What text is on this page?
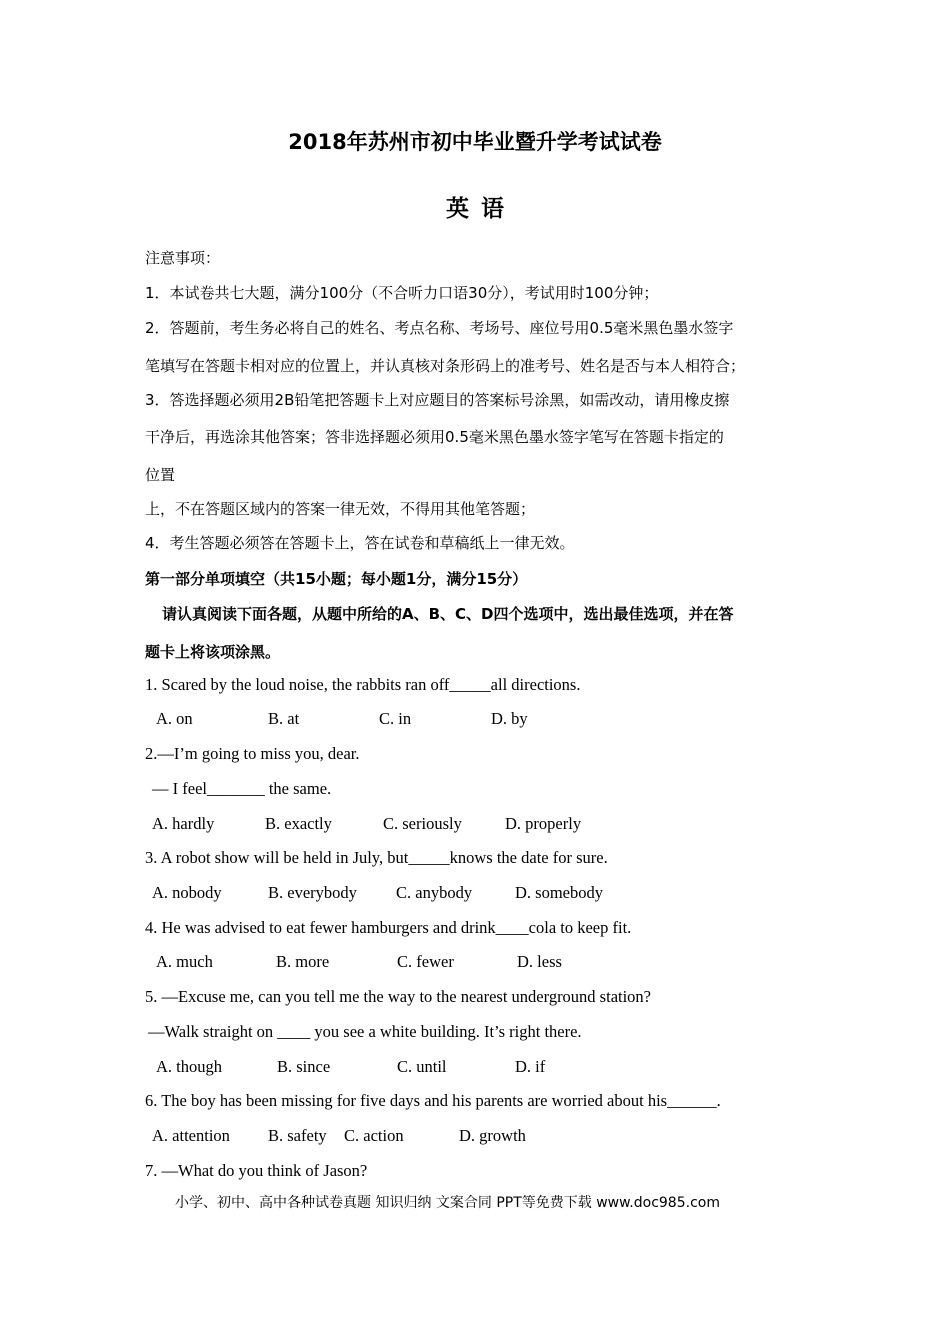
2018年苏州市初中毕业暨升学考试试卷
英语
注意事项：
1．本试卷共七大题，满分100分（不合听力口语30分），考试用时100分钟；
2．答题前，考生务必将自己的姓名、考点名称、考场号、座位号用0.5毫米黑色墨水签字
笔填写在答题卡相对应的位置上，并认真核对条形码上的准考号、姓名是否与本人相符合；
3．答选择题必须用2B铅笔把答题卡上对应题目的答案标号涂黑，如需改动，请用橡皮擦
干净后，再选涂其他答案；答非选择题必须用0.5毫米黑色墨水签字笔写在答题卡指定的
位置
上，不在答题区域内的答案一律无效，不得用其他笔答题；
4．考生答题必须答在答题卡上，答在试卷和草稿纸上一律无效。
第一部分单项填空（共15小题；每小题1分，满分15分）
请认真阅读下面各题，从题中所给的A、B、C、D四个选项中，选出最佳选项，并在答
题卡上将该项涂黑。
1. Scared by the loud noise, the rabbits ran off_____all directions.
A. on	B. at	C. in	D. by
2.—I’m going to miss you, dear.
— I feel_______ the same.
A. hardly	B. exactly	C. seriously	D. properly
3. A robot show will be held in July, but_____knows the date for sure.
A. nobody	B. everybody C. anybody	D. somebody
4. He was advised to eat fewer hamburgers and drink____cola to keep fit.
A. much	B. more	C. fewer	D. less
5. —Excuse me, can you tell me the way to the nearest underground station?
—Walk straight on ____ you see a white building. It’s right there.
A. though	B. since	C. until	D. if
6. The boy has been missing for five days and his parents are worried about his______.
A. attention B. safety C. action	D. growth
7. —What do you think of Jason?
小学、初中、高中各种试卷真题 知识归纳 文案合同 PPT等免费下载 www.doc985.com
